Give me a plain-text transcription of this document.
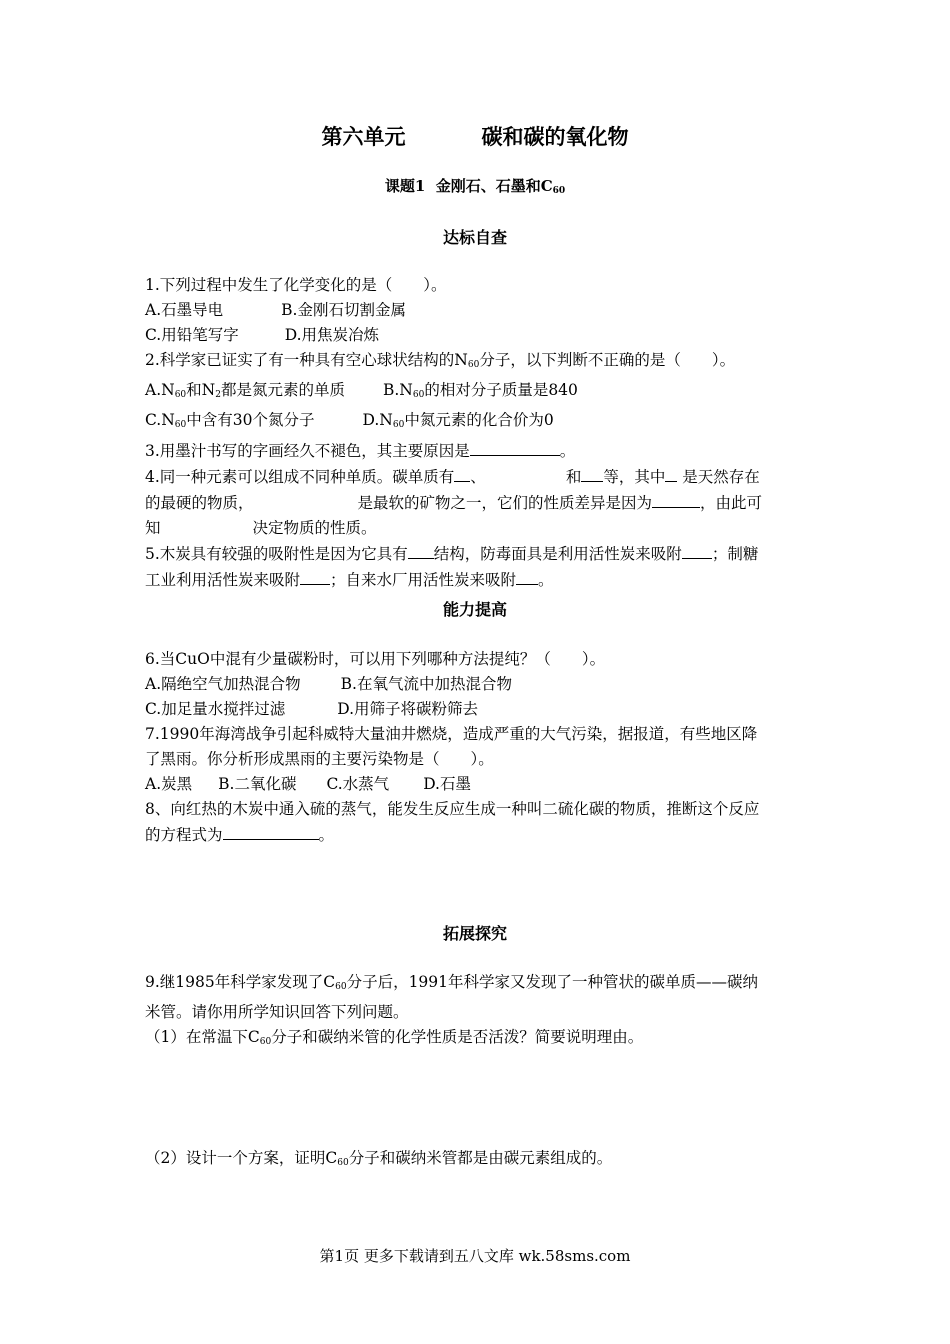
第六单元	碳和碳的氧化物
课题1 金刚石、石墨和$C_{60}$
达标自查

1.下列过程中发生了化学变化的是（　　）。

A.石墨导电	B.金刚石切割金属

C.用铅笔写字	D.用焦炭冶炼

2.科学家已证实了有一种具有空心球状结构的$N_{60}$分子，以下判断不正确的是（　　）。

$A.N_{60}$和$N_2$都是氮元素的单质 $B.N_{60}$的相对分子质量是840

$C.N_{60}$中含有30个氮分子	$D.N_{60}$中氮元素的化合价为0

3.用墨汁书写的字画经久不褪色，其主要原因是	。

4.同一种元素可以组成不同种单质。碳单质有 、	和 等，其中 是天然存在

的最硬的物质，	是最软的矿物之一，它们的性质差异是因为	，由此可

知	决定物质的性质。

5.木炭具有较强的吸附性是因为它具有 结构，防毒面具是利用活性炭来吸附 ；制糖

工业利用活性炭来吸附 ；自来水厂用活性炭来吸附 。

能力提高

6.当CuO中混有少量碳粉时，可以用下列哪种方法提纯？（　　）。

A.隔绝空气加热混合物	B.在氧气流中加热混合物

C.加足量水搅拌过滤	D.用筛子将碳粉筛去

7.1990年海湾战争引起科威特大量油井燃烧，造成严重的大气污染，据报道，有些地区降

了黑雨。你分析形成黑雨的主要污染物是（　　）。

A.炭黑 B.二氧化碳 C.水蒸气 D.石墨

8、向红热的木炭中通入硫的蒸气，能发生反应生成一种叫二硫化碳的物质，推断这个反应

的方程式为	。

拓展探究

9.继1985年科学家发现了$C_{60}$分子后，1991年科学家又发现了一种管状的碳单质——碳纳

米管。请你用所学知识回答下列问题。

（1）在常温下$C_{60}$分子和碳纳米管的化学性质是否活泼？简要说明理由。

（2）设计一个方案，证明$C_{60}$分子和碳纳米管都是由碳元素组成的。

第1页 更多下载请到五八文库 wk.58sms.com
